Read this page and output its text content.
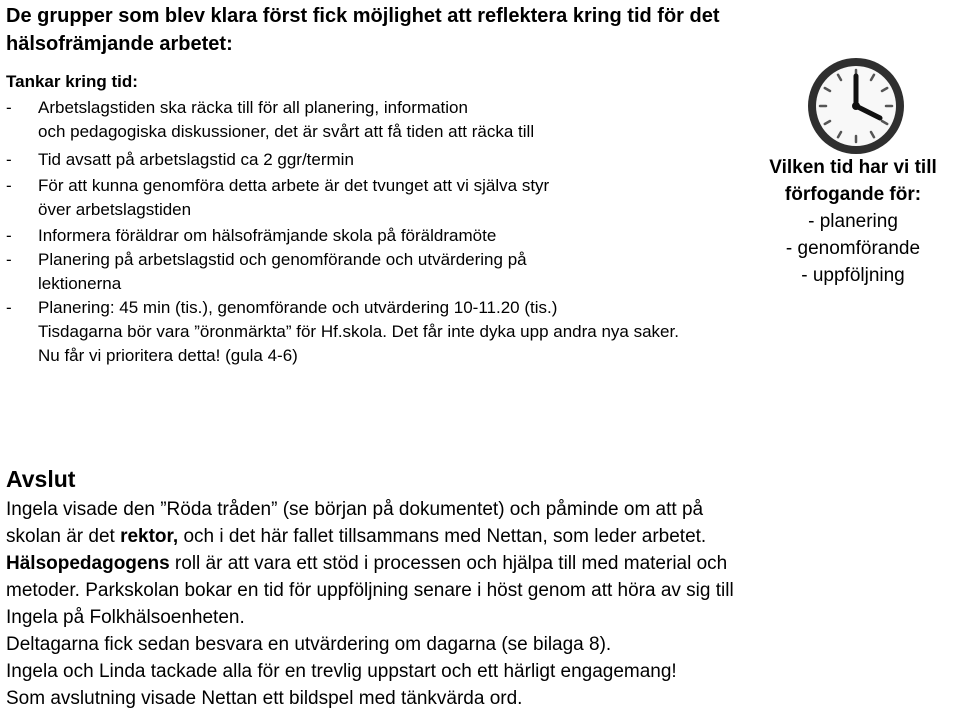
De grupper som blev klara först fick möjlighet att reflektera kring tid för det hälsofrämjande arbetet:

Tankar kring tid:

- Arbetslagstiden ska räcka till för all planering, information
och pedagogiska diskussioner, det är svårt att få tiden att räcka till
- Tid avsatt på arbetslagstid ca 2 ggr/termin
- För att kunna genomföra detta arbete är det tvunget att vi själva styr
över arbetslagstiden
- Informera föräldrar om hälsofrämjande skola på föräldramöte
- Planering på arbetslagstid och genomförande och utvärdering på
lektionerna
- Planering: 45 min (tis.), genomförande och utvärdering 10-11.20 (tis.)
Tisdagarna bör vara ”öronmärkta” för Hf.skola. Det får inte dyka upp andra nya saker.
Nu får vi prioritera detta! (gula 4-6)
Vilken tid har vi till
förfogande för:
- planering
- genomförande
- uppföljning

Avslut

Ingela visade den ”Röda tråden” (se början på dokumentet) och påminde om att på
skolan är det rektor, och i det här fallet tillsammans med Nettan, som leder arbetet.
Hälsopedagogens roll är att vara ett stöd i processen och hjälpa till med material och
metoder. Parkskolan bokar en tid för uppföljning senare i höst genom att höra av sig till
Ingela på Folkhälsoenheten.
Deltagarna fick sedan besvara en utvärdering om dagarna (se bilaga 8).
Ingela och Linda tackade alla för en trevlig uppstart och ett härligt engagemang!
Som avslutning visade Nettan ett bildspel med tänkvärda ord.
